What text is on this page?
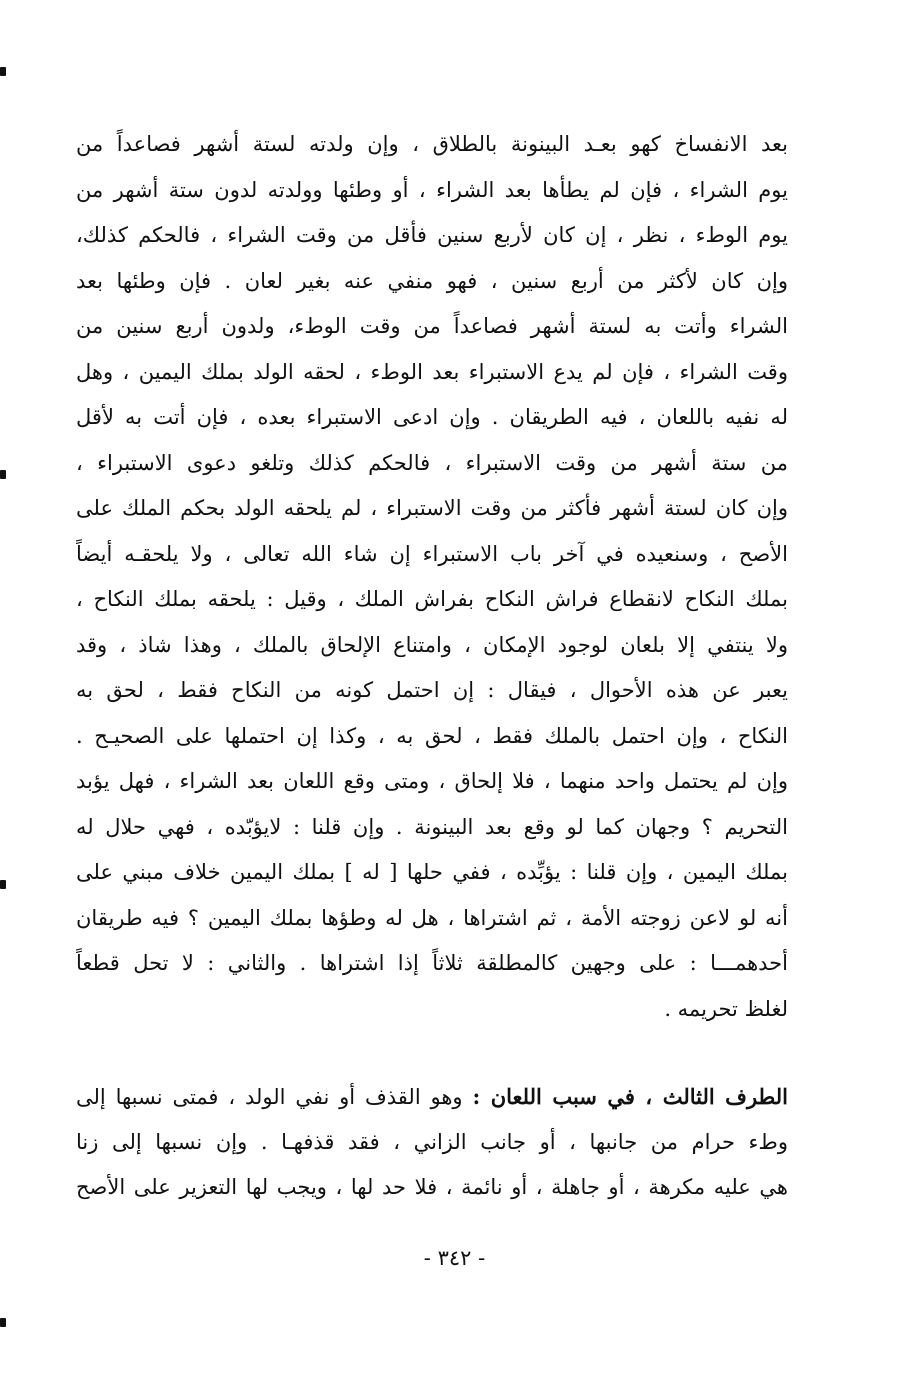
بعد الانفساخ كهو بعـد البينونة بالطلاق ، وإن ولدته لستة أشهر فصاعداً من
يوم الشراء ، فإن لم يطأها بعد الشراء ، أو وطئها وولدته لدون ستة أشهر من
يوم الوطء ، نظر ، إن كان لأربع سنين فأقل من وقت الشراء ، فالحكم كذلك،
وإن كان لأكثر من أربع سنين ، فهو منفي عنه بغير لعان . فإن وطئها بعد
الشراء وأتت به لستة أشهر فصاعداً من وقت الوطء، ولدون أربع سنين من
وقت الشراء ، فإن لم يدع الاستبراء بعد الوطء ، لحقه الولد بملك اليمين ، وهل
له نفيه باللعان ، فيه الطريقان . وإن ادعى الاستبراء بعده ، فإن أتت به لأقل
من ستة أشهر من وقت الاستبراء ، فالحكم كذلك وتلغو دعوى الاستبراء ،
وإن كان لستة أشهر فأكثر من وقت الاستبراء ، لم يلحقه الولد بحكم الملك على
الأصح ، وسنعيده في آخر باب الاستبراء إن شاء الله تعالى ، ولا يلحقـه أيضاً
بملك النكاح لانقطاع فراش النكاح بفراش الملك ، وقيل : يلحقه بملك النكاح ،
ولا ينتفي إلا بلعان لوجود الإمكان ، وامتناع الإلحاق بالملك ، وهذا شاذ ، وقد
يعبر عن هذه الأحوال ، فيقال : إن احتمل كونه من النكاح فقط ، لحق به
النكاح ، وإن احتمل بالملك فقط ، لحق به ، وكذا إن احتملها على الصحيـح .
وإن لم يحتمل واحد منهما ، فلا إلحاق ، ومتى وقع اللعان بعد الشراء ، فهل يؤبد
التحريم ؟ وجهان كما لو وقع بعد البينونة . وإن قلنا : لايؤبّده ، فهي حلال له
بملك اليمين ، وإن قلنا : يؤبِّده ، ففي حلها [ له ] بملك اليمين خلاف مبني على
أنه لو لاعن زوجته الأمة ، ثم اشتراها ، هل له وطؤها بملك اليمين ؟ فيه طريقان
أحدهمـــا : على وجهين كالمطلقة ثلاثاً إذا اشتراها . والثاني : لا تحل قطعاً
لغلظ تحريمه .
الطرف الثالث ، في سبب اللعان : وهو القذف أو نفي الولد ، فمتى نسبها إلى
وطء حرام من جانبها ، أو جانب الزاني ، فقد قذفهـا . وإن نسبها إلى زنا
هي عليه مكرهة ، أو جاهلة ، أو نائمة ، فلا حد لها ، ويجب لها التعزير على الأصح
- ٣٤٢ -
